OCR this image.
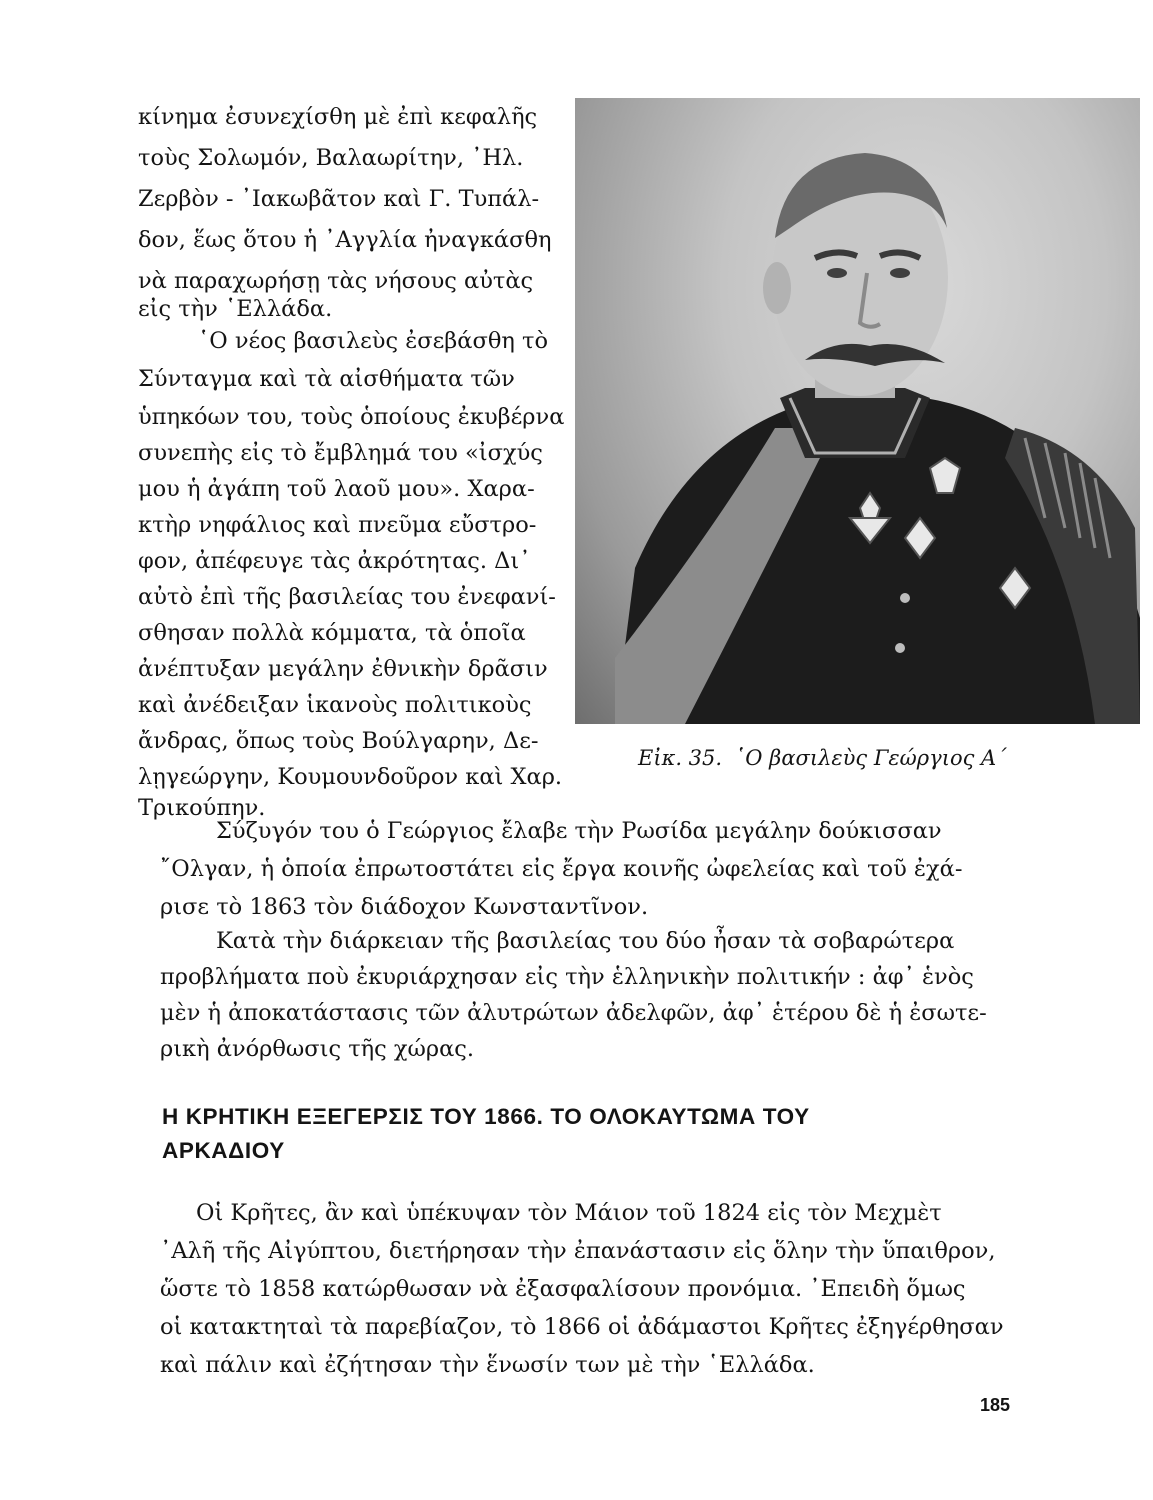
κίνημα ἐσυνεχίσθη μὲ ἐπὶ κεφαλῆς
τοὺς Σολωμόν, Βαλαωρίτην, ᾿Ηλ.
Ζερβὸν - ᾿Ιακωβᾶτον καὶ Γ. Τυπάλ-
δον, ἕως ὅτου ἡ ᾿Αγγλία ἠναγκάσθη
νὰ παραχωρήσῃ τὰς νήσους αὐτὰς
εἰς τὴν ῾Ελλάδα.
῾Ο νέος βασιλεὺς ἐσεβάσθη τὸ
Σύνταγμα καὶ τὰ αἰσθήματα τῶν
ὑπηκόων του, τοὺς ὁποίους ἐκυβέρνα
συνεπὴς εἰς τὸ ἔμβλημά του «ἰσχύς
μου ἡ ἀγάπη τοῦ λαοῦ μου». Χαρα-
κτὴρ νηφάλιος καὶ πνεῦμα εὔστρο-
φον, ἀπέφευγε τὰς ἀκρότητας. Δι᾿
αὐτὸ ἐπὶ τῆς βασιλείας του ἐνεφανί-
σθησαν πολλὰ κόμματα, τὰ ὁποῖα
ἀνέπτυξαν μεγάλην ἐθνικὴν δρᾶσιν
καὶ ἀνέδειξαν ἱκανοὺς πολιτικοὺς
ἄνδρας, ὅπως τοὺς Βούλγαρην, Δε-
λῃγεώργην, Κουμουνδοῦρον καὶ Χαρ.
Τρικούπην.
Εἰκ. 35. ῾Ο βασιλεὺς Γεώργιος Α΄
Σύζυγόν του ὁ Γεώργιος ἔλαβε τὴν Ρωσίδα μεγάλην δούκισσαν
῎Ολγαν, ἡ ὁποία ἐπρωτοστάτει εἰς ἔργα κοινῆς ὠφελείας καὶ τοῦ ἐχά-
ρισε τὸ 1863 τὸν διάδοχον Κωνσταντῖνον.
Κατὰ τὴν διάρκειαν τῆς βασιλείας του δύο ἦσαν τὰ σοβαρώτερα
προβλήματα ποὺ ἐκυριάρχησαν εἰς τὴν ἑλληνικὴν πολιτικήν : ἀφ᾿ ἑνὸς
μὲν ἡ ἀποκατάστασις τῶν ἀλυτρώτων ἀδελφῶν, ἀφ᾿ ἑτέρου δὲ ἡ ἐσωτε-
ρικὴ ἀνόρθωσις τῆς χώρας.
Η ΚΡΗΤΙΚΗ ΕΞΕΓΕΡΣΙΣ ΤΟΥ 1866. ΤΟ ΟΛΟΚΑΥΤΩΜΑ ΤΟΥ
ΑΡΚΑΔΙΟΥ
Οἱ Κρῆτες, ἂν καὶ ὑπέκυψαν τὸν Μάιον τοῦ 1824 εἰς τὸν Μεχμὲτ
᾿Αλῆ τῆς Αἰγύπτου, διετήρησαν τὴν ἐπανάστασιν εἰς ὅλην τὴν ὕπαιθρον,
ὥστε τὸ 1858 κατώρθωσαν νὰ ἐξασφαλίσουν προνόμια. ᾿Επειδὴ ὅμως
οἱ κατακτηταὶ τὰ παρεβίαζον, τὸ 1866 οἱ ἀδάμαστοι Κρῆτες ἐξηγέρθησαν
καὶ πάλιν καὶ ἐζήτησαν τὴν ἕνωσίν των μὲ τὴν ῾Ελλάδα.
185
